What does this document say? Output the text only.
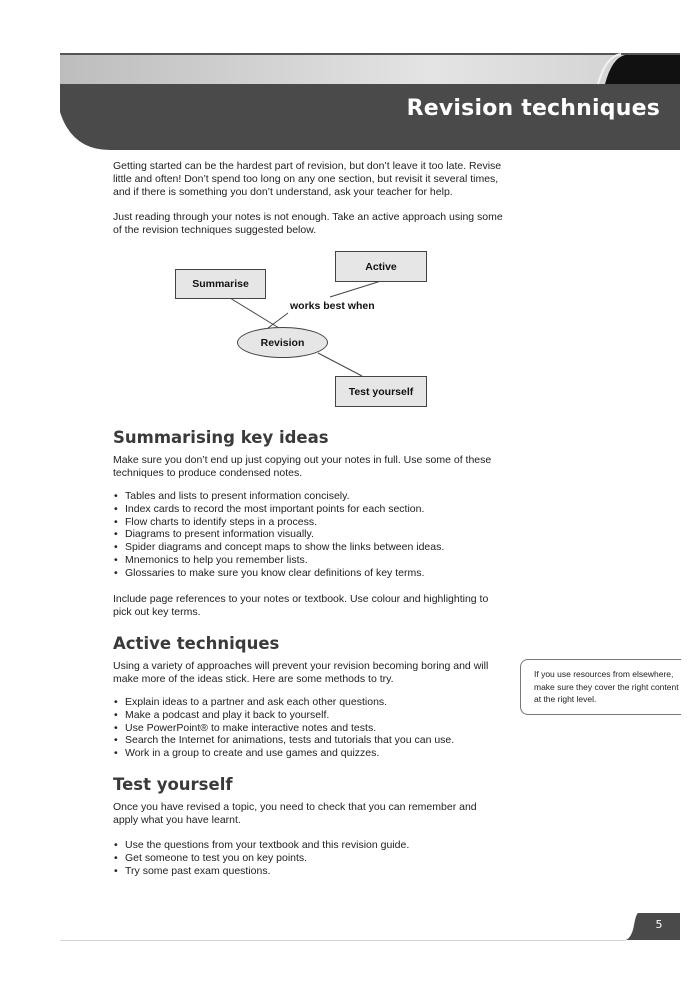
Revision techniques

Getting started can be the hardest part of revision, but don’t leave it too late. Revise little and often! Don’t spend too long on any one section, but revisit it several times, and if there is something you don’t understand, ask your teacher for help.

Just reading through your notes is not enough. Take an active approach using some of the revision techniques suggested below.

Summarise
Active
works best when
Revision
Test yourself
Summarising key ideas

Make sure you don’t end up just copying out your notes in full. Use some of these techniques to produce condensed notes.

• Tables and lists to present information concisely.
• Index cards to record the most important points for each section.
• Flow charts to identify steps in a process.
• Diagrams to present information visually.
• Spider diagrams and concept maps to show the links between ideas.
• Mnemonics to help you remember lists.
• Glossaries to make sure you know clear definitions of key terms.

Include page references to your notes or textbook. Use colour and highlighting to pick out key terms.

Active techniques

Using a variety of approaches will prevent your revision becoming boring and will make more of the ideas stick. Here are some methods to try.

• Explain ideas to a partner and ask each other questions.
• Make a podcast and play it back to yourself.
• Use PowerPoint® to make interactive notes and tests.
• Search the Internet for animations, tests and tutorials that you can use.
• Work in a group to create and use games and quizzes.

If you use resources from elsewhere, make sure they cover the right content at the right level.

Test yourself

Once you have revised a topic, you need to check that you can remember and apply what you have learnt.

• Use the questions from your textbook and this revision guide.
• Get someone to test you on key points.
• Try some past exam questions.
5
